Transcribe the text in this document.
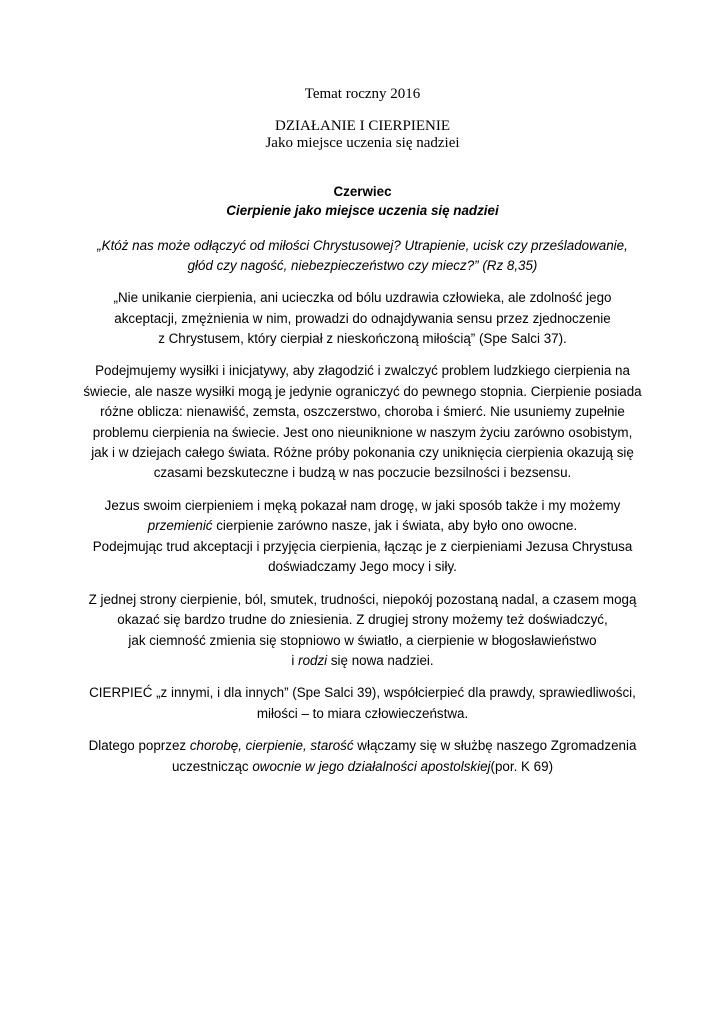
Temat roczny 2016
DZIAŁANIE I CIERPIENIE
Jako miejsce uczenia się nadziei
Czerwiec
Cierpienie jako miejsce uczenia się nadziei
„Któż nas może odłączyć od miłości Chrystusowej? Utrapienie, ucisk czy prześladowanie,
głód czy nagość, niebezpieczeństwo czy miecz?” (Rz 8,35)
„Nie unikanie cierpienia, ani ucieczka od bólu uzdrawia człowieka, ale zdolność jego
akceptacji, zmężnienia w nim, prowadzi do odnajdywania sensu przez zjednoczenie
z Chrystusem, który cierpiał z nieskończoną miłością” (Spe Salci 37).
Podejmujemy wysiłki i inicjatywy, aby złagodzić i zwalczyć problem ludzkiego cierpienia na
świecie, ale nasze wysiłki mogą je jedynie ograniczyć do pewnego stopnia. Cierpienie posiada
różne oblicza: nienawiść, zemsta, oszczerstwo, choroba i śmierć. Nie usuniemy zupełnie
problemu cierpienia na świecie. Jest ono nieuniknione w naszym życiu zarówno osobistym,
jak i w dziejach całego świata. Różne próby pokonania czy uniknięcia cierpienia okazują się
czasami bezskuteczne i budzą w nas poczucie bezsilności i bezsensu.
Jezus swoim cierpieniem i męką pokazał nam drogę, w jaki sposób także i my możemy
przemienić cierpienie zarówno nasze, jak i świata, aby było ono owocne.
Podejmując trud akceptacji i przyjęcia cierpienia, łącząc je z cierpieniami Jezusa Chrystusa
doświadczamy Jego mocy i siły.
Z jednej strony cierpienie, ból, smutek, trudności, niepokój pozostaną nadal, a czasem mogą
okazać się bardzo trudne do zniesienia. Z drugiej strony możemy też doświadczyć,
jak ciemność zmienia się stopniowo w światło, a cierpienie w błogosławieństwo
i rodzi się nowa nadziei.
CIERPIEĆ „z innymi, i dla innych” (Spe Salci 39), współcierpieć dla prawdy, sprawiedliwości,
miłości – to miara człowieczeństwa.
Dlatego poprzez chorobę, cierpienie, starość włączamy się w służbę naszego Zgromadzenia
uczestnicząc owocnie w jego działalności apostolskiej(por. K 69)
